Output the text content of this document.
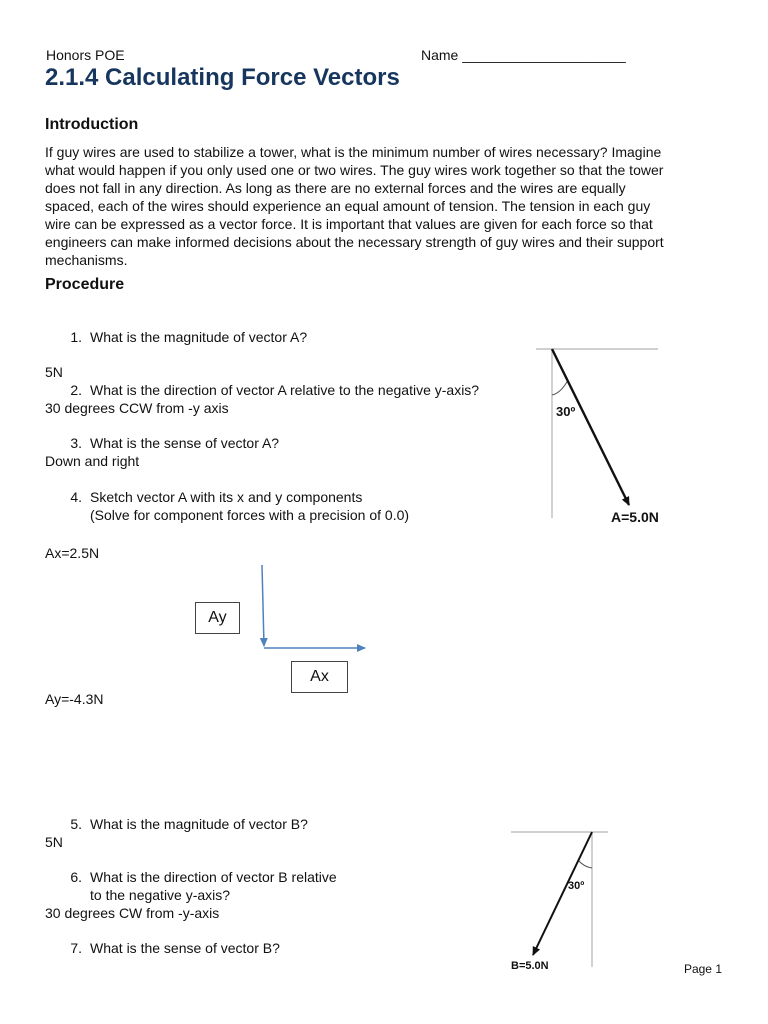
Honors POE	Name _____________________
2.1.4 Calculating Force Vectors
Introduction

If guy wires are used to stabilize a tower, what is the minimum number of wires necessary? Imagine

what would happen if you only used one or two wires. The guy wires work together so that the tower

does not fall in any direction. As long as there are no external forces and the wires are equally

spaced, each of the wires should experience an equal amount of tension. The tension in each guy

wire can be expressed as a vector force. It is important that values are given for each force so that

engineers can make informed decisions about the necessary strength of guy wires and their support

mechanisms.

Procedure
1. What is the magnitude of vector A?
5N
2. What is the direction of vector A relative to the negative y-axis?
30 degrees CCW from -y axis
3. What is the sense of vector A?
Down and right
4. Sketch vector A with its x and y components
(Solve for component forces with a precision of 0.0)
Ax=2.5N
Ay=-4.3N
5. What is the magnitude of vector B?
5N
6. What is the direction of vector B relative
to the negative y-axis?
30 degrees CW from -y-axis
7. What is the sense of vector B?
30º
A=5.0N
Ay
Ax
30º
B=5.0N	Page 1
